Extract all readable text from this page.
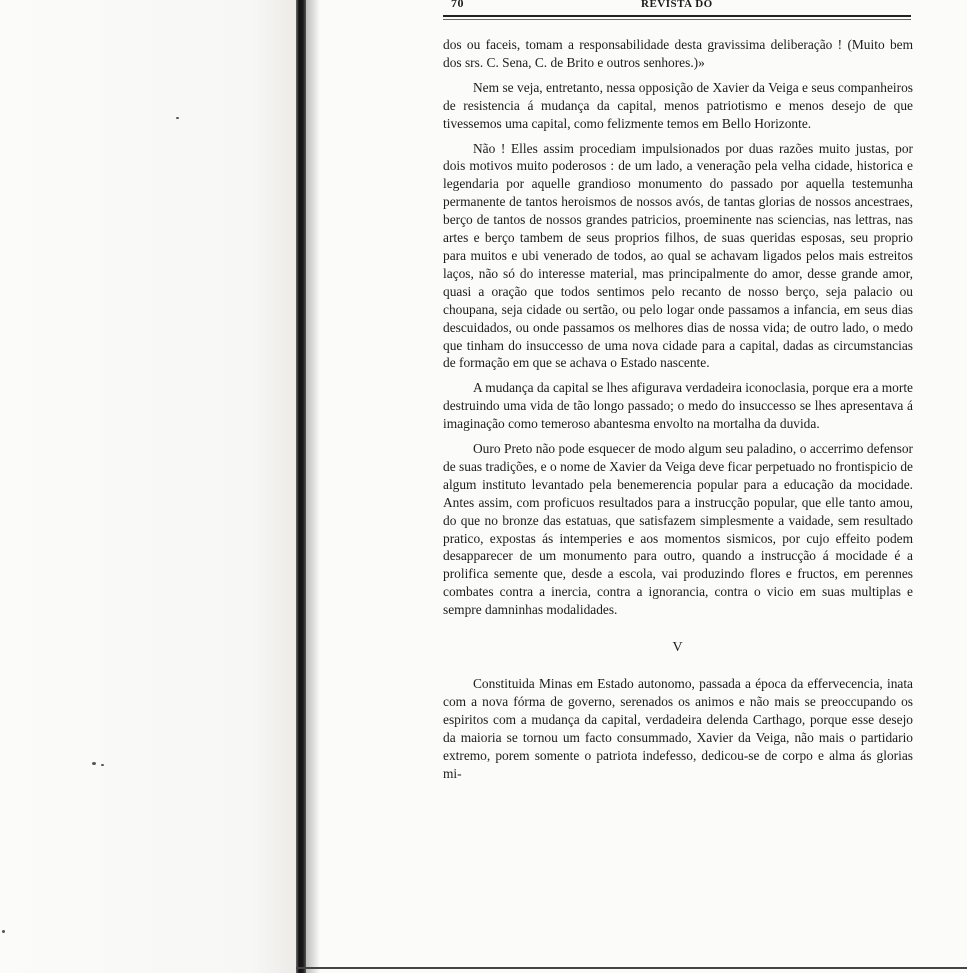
70	REVISTA DO

dos ou faceis, tomam a responsabilidade desta gravissima deliberação ! (Muito bem dos srs. C. Sena, C. de Brito e outros senhores.)»

Nem se veja, entretanto, nessa opposição de Xavier da Veiga e seus companheiros de resistencia á mudança da capital, menos patriotismo e menos desejo de que tivessemos uma capital, como felizmente temos em Bello Horizonte.

Não ! Elles assim procediam impulsionados por duas razões muito justas, por dois motivos muito poderosos : de um lado, a veneração pela velha cidade, historica e legendaria por aquelle grandioso monumento do passado por aquella testemunha permanente de tantos heroismos de nossos avós, de tantas glorias de nossos ancestraes, berço de tantos de nossos grandes patricios, proeminente nas sciencias, nas lettras, nas artes e berço tambem de seus proprios filhos, de suas queridas esposas, seu proprio para muitos e ubi venerado de todos, ao qual se achavam ligados pelos mais estreitos laços, não só do interesse material, mas principalmente do amor, desse grande amor, quasi a oração que todos sentimos pelo recanto de nosso berço, seja palacio ou choupana, seja cidade ou sertão, ou pelo logar onde passamos a infancia, em seus dias descuidados, ou onde passamos os melhores dias de nossa vida; de outro lado, o medo que tinham do insuccesso de uma nova cidade para a capital, dadas as circumstancias de formação em que se achava o Estado nascente.

A mudança da capital se lhes afigurava verdadeira iconoclasia, porque era a morte destruindo uma vida de tão longo passado; o medo do insuccesso se lhes apresentava á imaginação como temeroso abantesma envolto na mortalha da duvida.

Ouro Preto não pode esquecer de modo algum seu paladino, o accerrimo defensor de suas tradições, e o nome de Xavier da Veiga deve ficar perpetuado no frontispicio de algum instituto levantado pela benemerencia popular para a educação da mocidade. Antes assim, com proficuos resultados para a instrucção popular, que elle tanto amou, do que no bronze das estatuas, que satisfazem simplesmente a vaidade, sem resultado pratico, expostas ás intemperies e aos momentos sismicos, por cujo effeito podem desapparecer de um monumento para outro, quando a instrucção á mocidade é a prolifica semente que, desde a escola, vai produzindo flores e fructos, em perennes combates contra a inercia, contra a ignorancia, contra o vicio em suas multiplas e sempre damninhas modalidades.

V

Constituida Minas em Estado autonomo, passada a época da effervecencia, inata com a nova fórma de governo, serenados os animos e não mais se preoccupando os espiritos com a mudança da capital, verdadeira delenda Carthago, porque esse desejo da maioria se tornou um facto consummado, Xavier da Veiga, não mais o partidario extremo, porem somente o patriota indefesso, dedicou-se de corpo e alma ás glorias mi-
